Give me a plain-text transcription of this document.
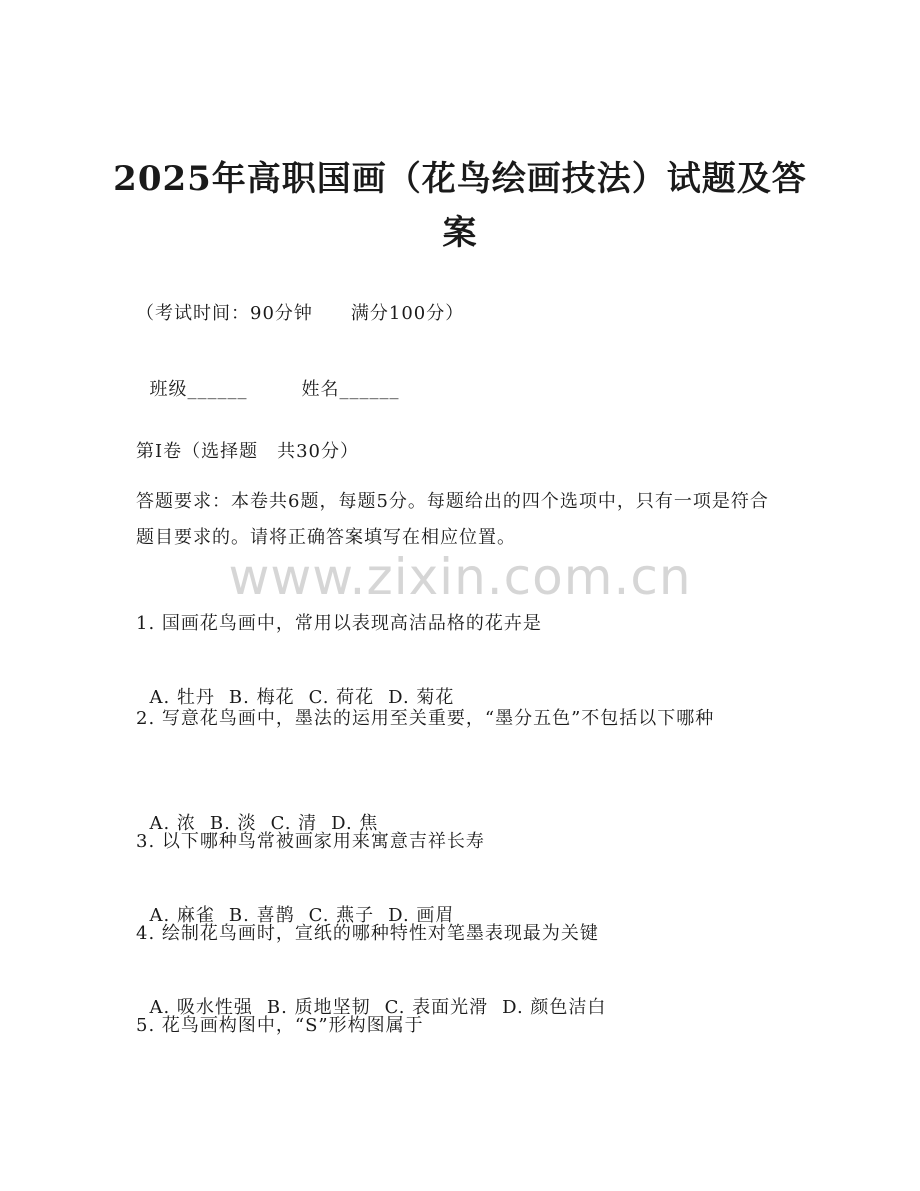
2025年高职国画（花鸟绘画技法）试题及答案
（考试时间：90分钟　　满分100分）

班级______	姓名______

第I卷（选择题　共30分）
答题要求：本卷共6题，每题5分。每题给出的四个选项中，只有一项是符合题目要求的。请将正确答案填写在相应位置。
www.zixin.com.cn
1. 国画花鸟画中，常用以表现高洁品格的花卉是

A. 牡丹 B. 梅花 C. 荷花 D. 菊花

2. 写意花鸟画中，墨法的运用至关重要，“墨分五色”不包括以下哪种

A. 浓 B. 淡 C. 清 D. 焦

3. 以下哪种鸟常被画家用来寓意吉祥长寿

A. 麻雀 B. 喜鹊 C. 燕子 D. 画眉

4. 绘制花鸟画时，宣纸的哪种特性对笔墨表现最为关键

A. 吸水性强 B. 质地坚韧 C. 表面光滑 D. 颜色洁白

5. 花鸟画构图中，“S”形构图属于
